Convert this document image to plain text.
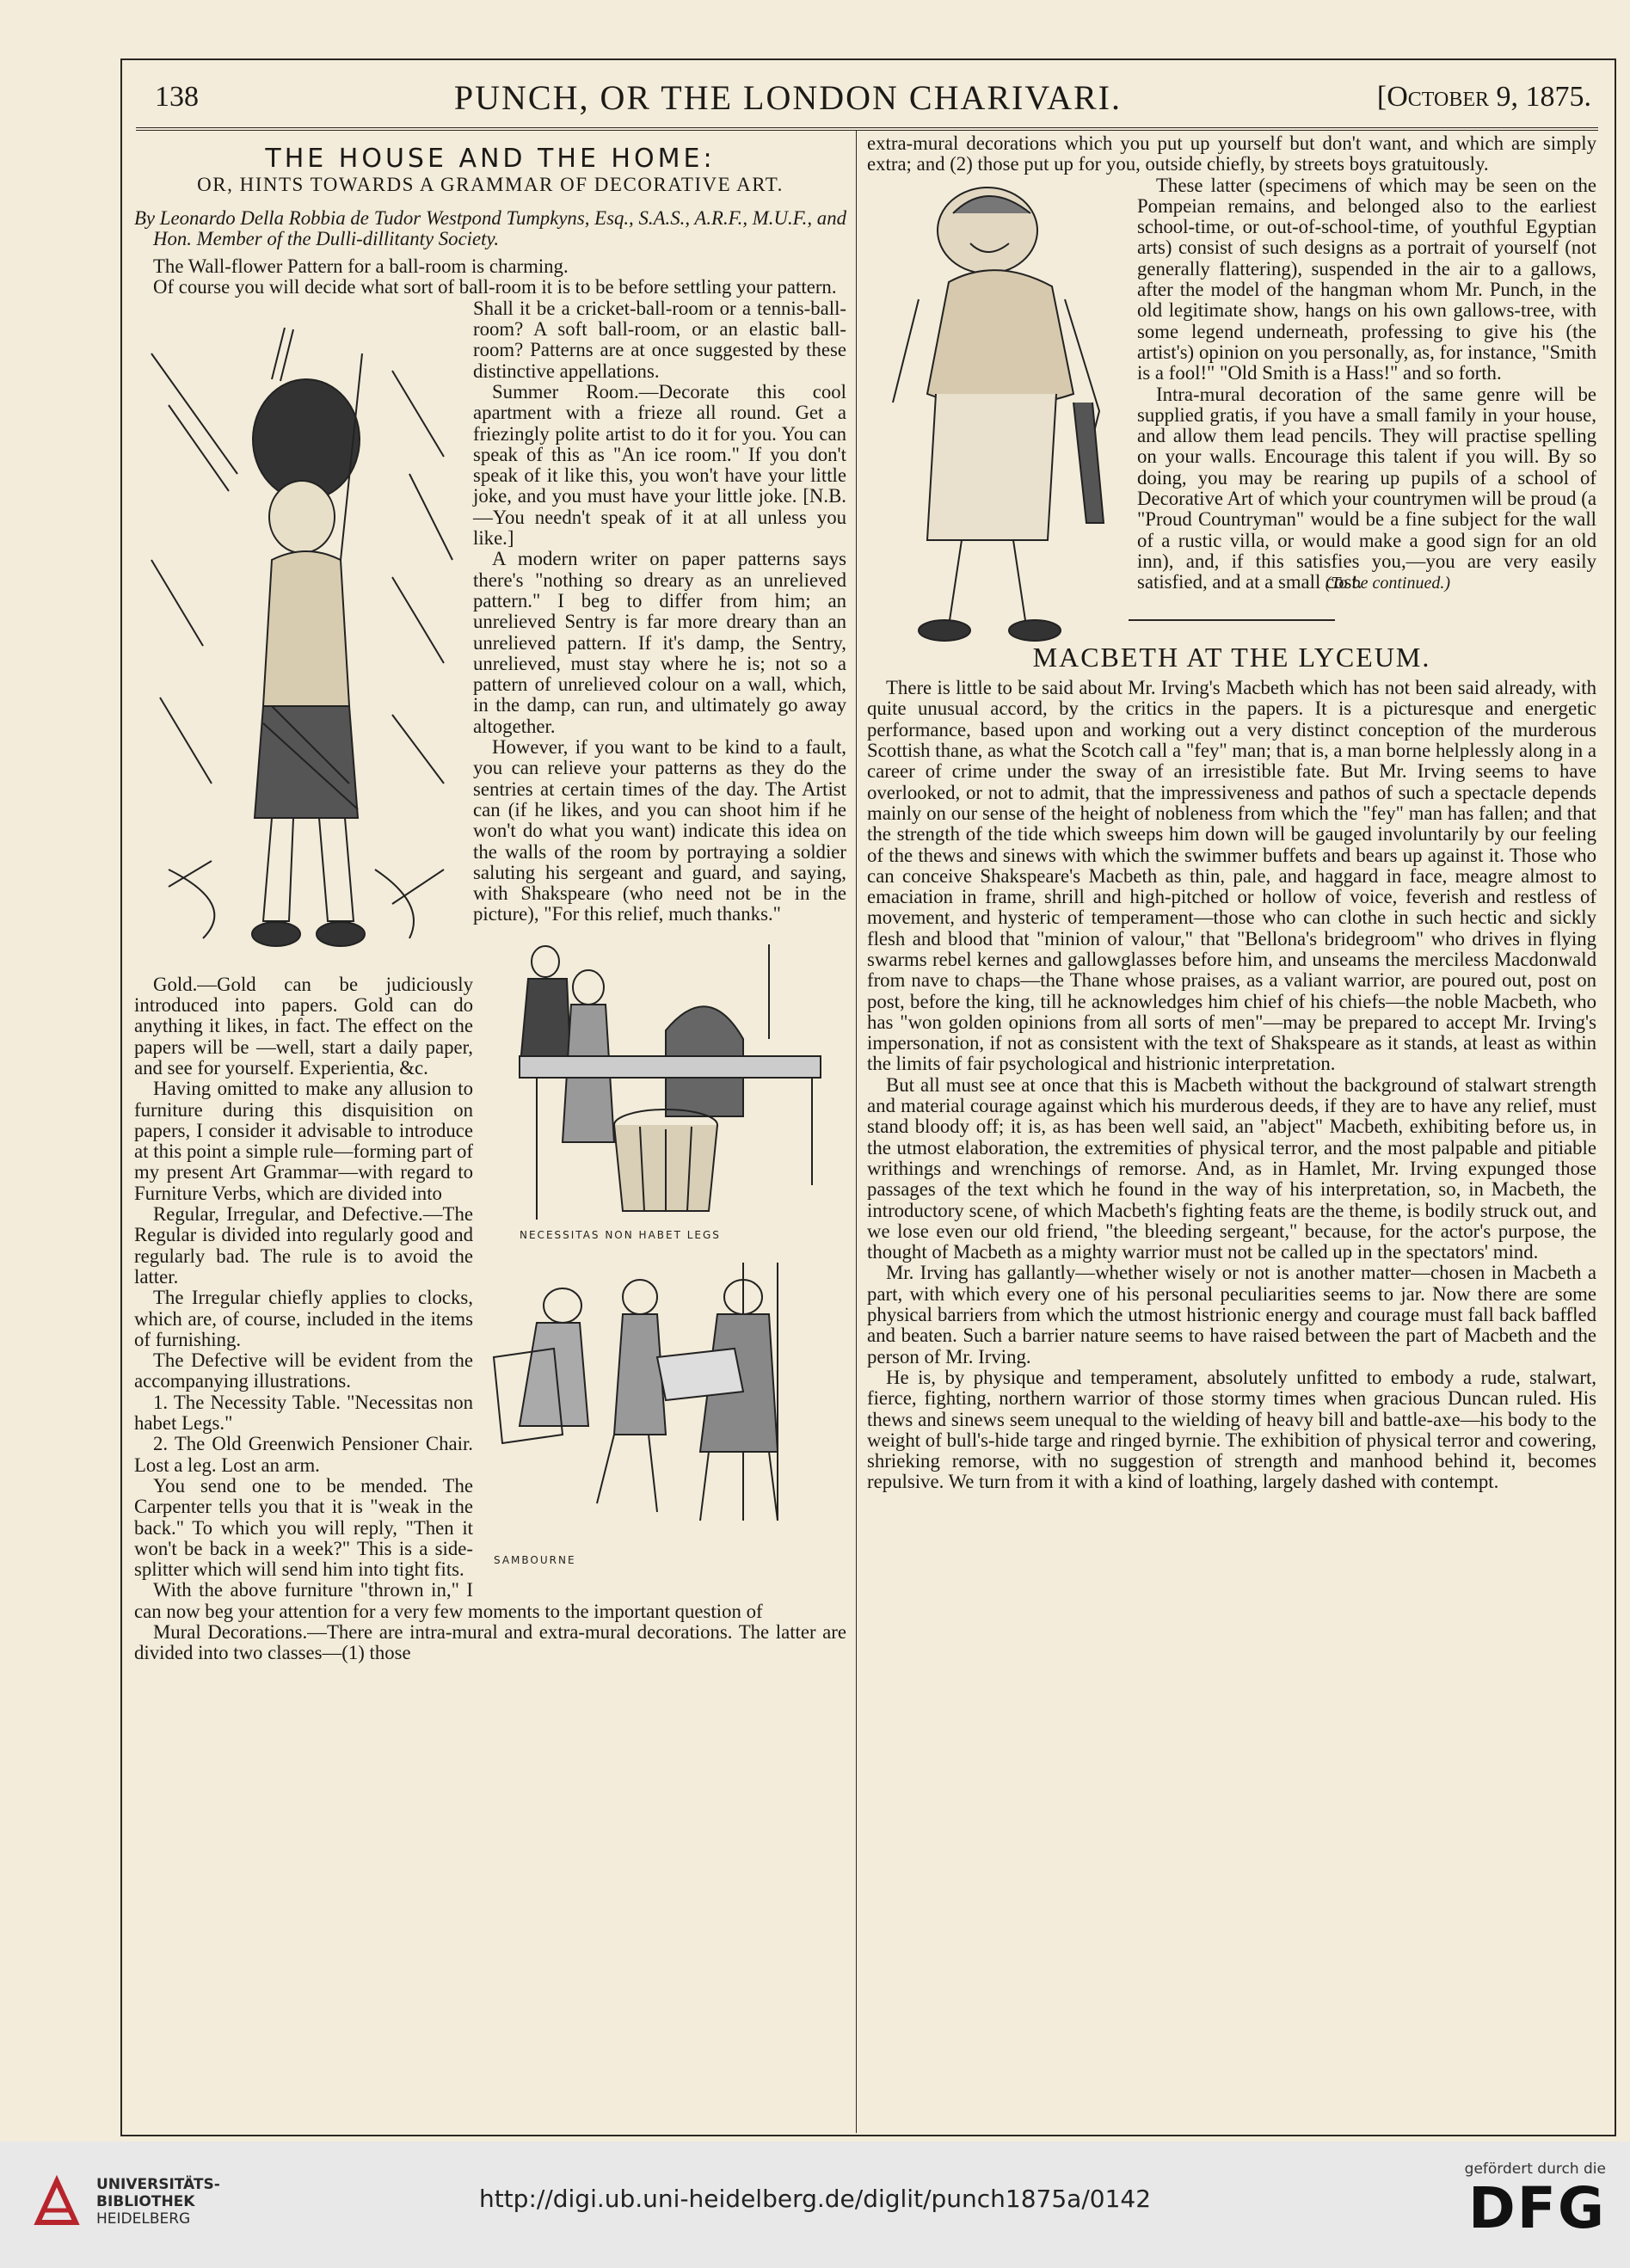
138	PUNCH, OR THE LONDON CHARIVARI.	[October 9, 1875.
THE HOUSE AND THE HOME:
OR, HINTS TOWARDS A GRAMMAR OF DECORATIVE ART.

By Leonardo Della Robbia de Tudor Westpond Tumpkyns, Esq., S.A.S., A.R.F., M.U.F., and Hon. Member of the Dulli-dillitanty Society.

The Wall-flower Pattern for a ball-room is charming.

Of course you will decide what sort of ball-room it is to be before settling your pattern.

Shall it be a cricket-ball-room or a tennis-ball-room? A soft ball-room, or an elastic ball-room? Patterns are at once suggested by these distinctive appellations.

Summer Room.—Decorate this cool apartment with a frieze all round. Get a friezingly polite artist to do it for you. You can speak of this as "An ice room." If you don't speak of it like this, you won't have your little joke, and you must have your little joke. [N.B.—You needn't speak of it at all unless you like.]

A modern writer on paper patterns says there's "nothing so dreary as an unrelieved pattern." I beg to differ from him; an unrelieved Sentry is far more dreary than an unrelieved pattern. If it's damp, the Sentry, unrelieved, must stay where he is; not so a pattern of unrelieved colour on a wall, which, in the damp, can run, and ultimately go away altogether.

However, if you want to be kind to a fault, you can relieve your patterns as they do the sentries at certain times of the day. The Artist can (if he likes, and you can shoot him if he won't do what you want) indicate this idea on the walls of the room by portraying a soldier saluting his sergeant and guard, and saying, with Shakspeare (who need not be in the picture), "For this relief, much thanks."

NECESSITAS NON HABET LEGS
SAMBOURNE

Gold.—Gold can be judiciously introduced into papers. Gold can do anything it likes, in fact. The effect on the papers will be —well, start a daily paper, and see for yourself. Experientia, &c.

Having omitted to make any allusion to furniture during this disquisition on papers, I consider it advisable to introduce at this point a simple rule—forming part of my present Art Grammar—with regard to Furniture Verbs, which are divided into

Regular, Irregular, and Defective.—The Regular is divided into regularly good and regularly bad. The rule is to avoid the latter.

The Irregular chiefly applies to clocks, which are, of course, included in the items of furnishing.

The Defective will be evident from the accompanying illustrations.

1. The Necessity Table. "Necessitas non habet Legs."

2. The Old Greenwich Pensioner Chair. Lost a leg. Lost an arm.

You send one to be mended. The Carpenter tells you that it is "weak in the back." To which you will reply, "Then it won't be back in a week?" This is a side-splitter which will send him into tight fits.

With the above furniture "thrown in," I can now beg your attention for a very few moments to the important question of

Mural Decorations.—There are intra-mural and extra-mural decorations. The latter are divided into two classes—(1) those

extra-mural decorations which you put up yourself but don't want, and which are simply extra; and (2) those put up for you, outside chiefly, by streets boys gratuitously.

These latter (specimens of which may be seen on the Pompeian remains, and belonged also to the earliest school-time, or out-of-school-time, of youthful Egyptian arts) consist of such designs as a portrait of yourself (not generally flattering), suspended in the air to a gallows, after the model of the hangman whom Mr. Punch, in the old legitimate show, hangs on his own gallows-tree, with some legend underneath, professing to give his (the artist's) opinion on you personally, as, for instance, "Smith is a fool!" "Old Smith is a Hass!" and so forth.

Intra-mural decoration of the same genre will be supplied gratis, if you have a small family in your house, and allow them lead pencils. They will practise spelling on your walls. Encourage this talent if you will. By so doing, you may be rearing up pupils of a school of Decorative Art of which your countrymen will be proud (a "Proud Countryman" would be a fine subject for the wall of a rustic villa, or would make a good sign for an old inn), and, if this satisfies you,—you are very easily satisfied, and at a small cost.

(To be continued.)
MACBETH AT THE LYCEUM.

There is little to be said about Mr. Irving's Macbeth which has not been said already, with quite unusual accord, by the critics in the papers. It is a picturesque and energetic performance, based upon and working out a very distinct conception of the murderous Scottish thane, as what the Scotch call a "fey" man; that is, a man borne helplessly along in a career of crime under the sway of an irresistible fate. But Mr. Irving seems to have overlooked, or not to admit, that the impressiveness and pathos of such a spectacle depends mainly on our sense of the height of nobleness from which the "fey" man has fallen; and that the strength of the tide which sweeps him down will be gauged involuntarily by our feeling of the thews and sinews with which the swimmer buffets and bears up against it. Those who can conceive Shakspeare's Macbeth as thin, pale, and haggard in face, meagre almost to emaciation in frame, shrill and high-pitched or hollow of voice, feverish and restless of movement, and hysteric of temperament—those who can clothe in such hectic and sickly flesh and blood that "minion of valour," that "Bellona's bridegroom" who drives in flying swarms rebel kernes and gallowglasses before him, and unseams the merciless Macdonwald from nave to chaps—the Thane whose praises, as a valiant warrior, are poured out, post on post, before the king, till he acknowledges him chief of his chiefs—the noble Macbeth, who has "won golden opinions from all sorts of men"—may be prepared to accept Mr. Irving's impersonation, if not as consistent with the text of Shakspeare as it stands, at least as within the limits of fair psychological and histrionic interpretation.

But all must see at once that this is Macbeth without the background of stalwart strength and material courage against which his murderous deeds, if they are to have any relief, must stand bloody off; it is, as has been well said, an "abject" Macbeth, exhibiting before us, in the utmost elaboration, the extremities of physical terror, and the most palpable and pitiable writhings and wrenchings of remorse. And, as in Hamlet, Mr. Irving expunged those passages of the text which he found in the way of his interpretation, so, in Macbeth, the introductory scene, of which Macbeth's fighting feats are the theme, is bodily struck out, and we lose even our old friend, "the bleeding sergeant," because, for the actor's purpose, the thought of Macbeth as a mighty warrior must not be called up in the spectators' mind.

Mr. Irving has gallantly—whether wisely or not is another matter—chosen in Macbeth a part, with which every one of his personal peculiarities seems to jar. Now there are some physical barriers from which the utmost histrionic energy and courage must fall back baffled and beaten. Such a barrier nature seems to have raised between the part of Macbeth and the person of Mr. Irving.

He is, by physique and temperament, absolutely unfitted to embody a rude, stalwart, fierce, fighting, northern warrior of those stormy times when gracious Duncan ruled. His thews and sinews seem unequal to the wielding of heavy bill and battle-axe—his body to the weight of bull's-hide targe and ringed byrnie. The exhibition of physical terror and cowering, shrieking remorse, with no suggestion of strength and manhood behind it, becomes repulsive. We turn from it with a kind of loathing, largely dashed with contempt.

UNIVERSITÄTS-
BIBLIOTHEK
HEIDELBERG
http://digi.ub.uni-heidelberg.de/diglit/punch1875a/0142
gefördert durch die
DFG
